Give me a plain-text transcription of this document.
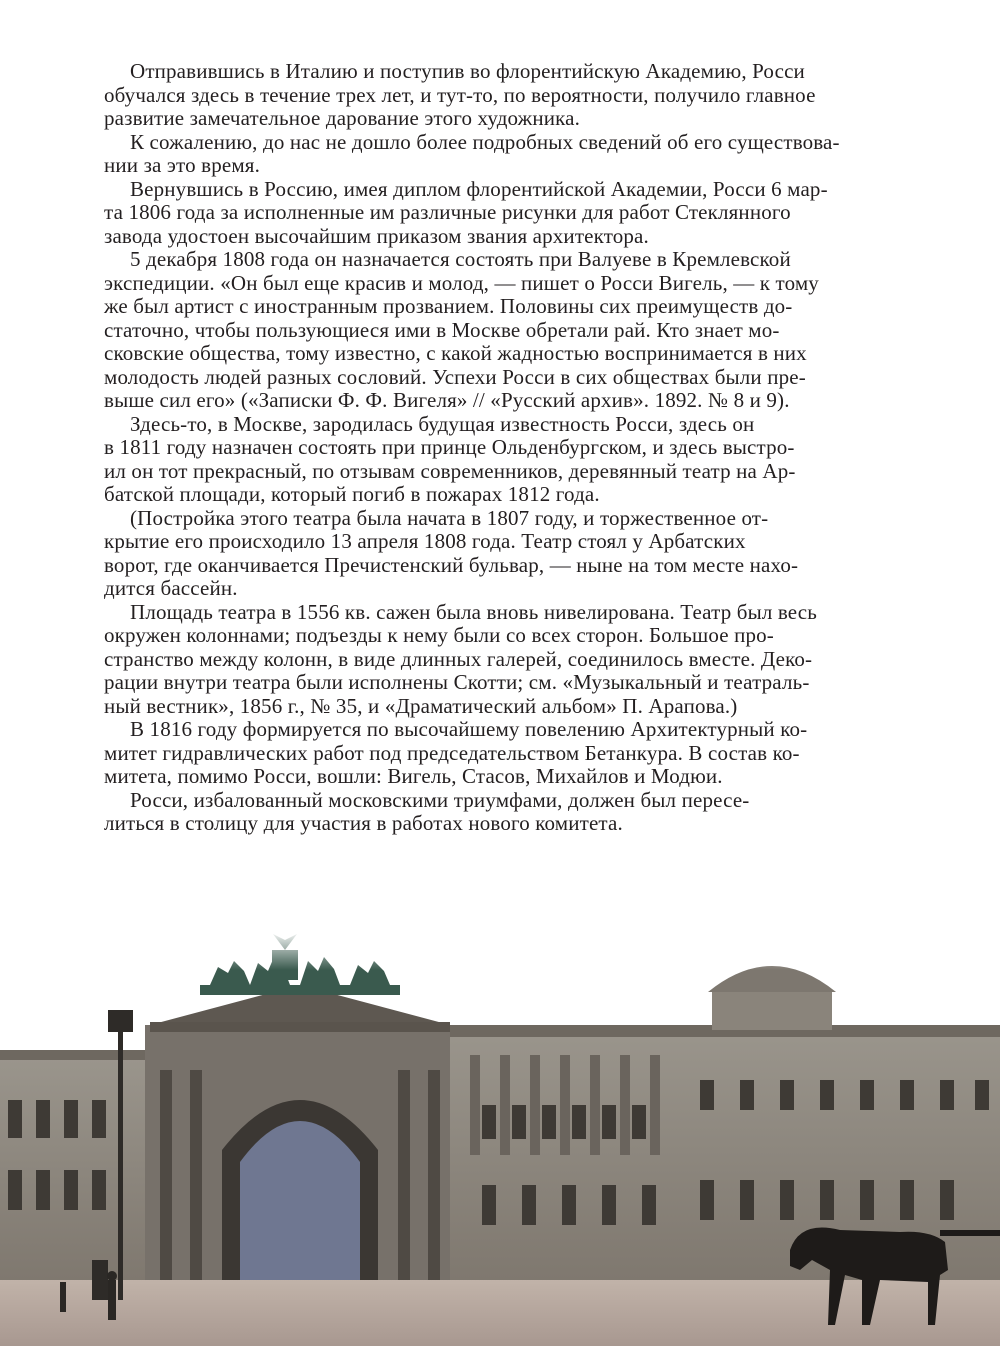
Отправившись в Италию и поступив во флорентийскую Академию, Росси
обучался здесь в течение трех лет, и тут-то, по вероятности, получило главное
развитие замечательное дарование этого художника.
К сожалению, до нас не дошло более подробных сведений об его существова-
нии за это время.
Вернувшись в Россию, имея диплом флорентийской Академии, Росси 6 мар-
та 1806 года за исполненные им различные рисунки для работ Стеклянного
завода удостоен высочайшим приказом звания архитектора.
5 декабря 1808 года он назначается состоять при Валуеве в Кремлевской
экспедиции. «Он был еще красив и молод, — пишет о Росси Вигель, — к тому
же был артист с иностранным прозванием. Половины сих преимуществ до-
статочно, чтобы пользующиеся ими в Москве обретали рай. Кто знает мо-
сковские общества, тому известно, с какой жадностью воспринимается в них
молодость людей разных сословий. Успехи Росси в сих обществах были пре-
выше сил его» («Записки Ф. Ф. Вигеля» // «Русский архив». 1892. № 8 и 9).
Здесь-то, в Москве, зародилась будущая известность Росси, здесь он
в 1811 году назначен состоять при принце Ольденбургском, и здесь выстро-
ил он тот прекрасный, по отзывам современников, деревянный театр на Ар-
батской площади, который погиб в пожарах 1812 года.
(Постройка этого театра была начата в 1807 году, и торжественное от-
крытие его происходило 13 апреля 1808 года. Театр стоял у Арбатских
ворот, где оканчивается Пречистенский бульвар, — ныне на том месте нахо-
дится бассейн.
Площадь театра в 1556 кв. сажен была вновь нивелирована. Театр был весь
окружен колоннами; подъезды к нему были со всех сторон. Большое про-
странство между колонн, в виде длинных галерей, соединилось вместе. Деко-
рации внутри театра были исполнены Скотти; см. «Музыкальный и театраль-
ный вестник», 1856 г., № 35, и «Драматический альбом» П. Арапова.)
В 1816 году формируется по высочайшему повелению Архитектурный ко-
митет гидравлических работ под председательством Бетанкура. В состав ко-
митета, помимо Росси, вошли: Вигель, Стасов, Михайлов и Модюи.
Росси, избалованный московскими триумфами, должен был пересе-
литься в столицу для участия в работах нового комитета.
